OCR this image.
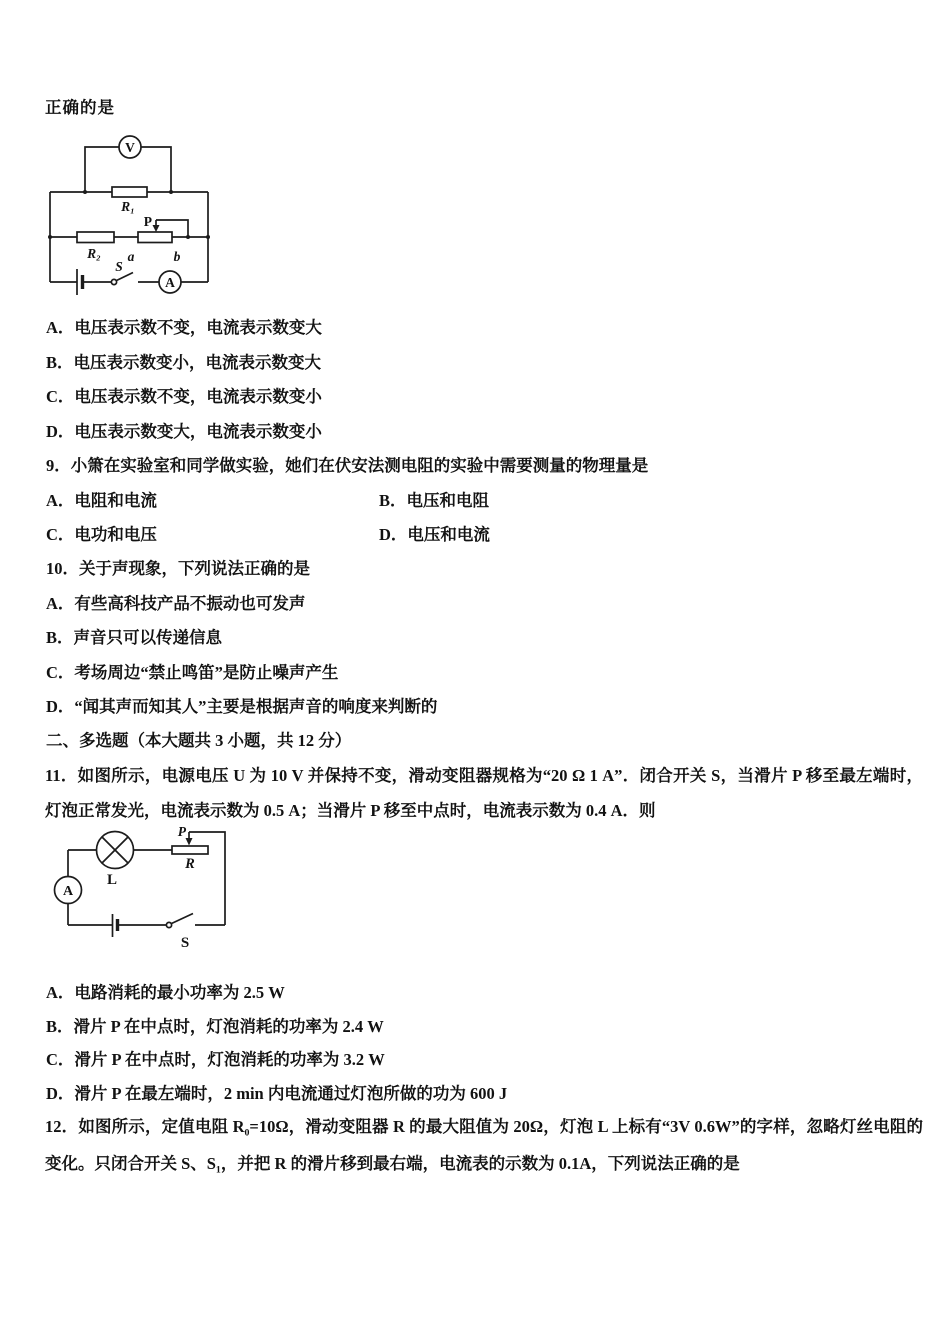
正确的是

V
A
R₁
R₂
P
a	b
S
A．电压表示数不变，电流表示数变大
B．电压表示数变小，电流表示数变大
C．电压表示数不变，电流表示数变小
D．电压表示数变大，电流表示数变小

9．小箫在实验室和同学做实验，她们在伏安法测电阻的实验中需要测量的物理量是

A．电阻和电流	B．电压和电阻
C．电功和电压	D．电压和电流

10．关于声现象，下列说法正确的是

A．有些高科技产品不振动也可发声
B．声音只可以传递信息
C．考场周边“禁止鸣笛”是防止噪声产生
D．“闻其声而知其人”主要是根据声音的响度来判断的

二、多选题（本大题共 3 小题，共 12 分）

11．如图所示，电源电压 U 为 10 V 并保持不变，滑动变阻器规格为“20 Ω 1 A”．闭合开关 S，当滑片 P 移至最左端时，灯泡正常发光，电流表示数为 0.5 A；当滑片 P 移至中点时，电流表示数为 0.4 A．则

A
P
R
L
S
A．电路消耗的最小功率为 2.5 W
B．滑片 P 在中点时，灯泡消耗的功率为 2.4 W
C．滑片 P 在中点时，灯泡消耗的功率为 3.2 W
D．滑片 P 在最左端时，2 min 内电流通过灯泡所做的功为 600 J

12．如图所示，定值电阻 R₀=10Ω，滑动变阻器 R 的最大阻值为 20Ω，灯泡 L 上标有“3V 0.6W”的字样，忽略灯丝电阻的变化。只闭合开关 S、S₁，并把 R 的滑片移到最右端，电流表的示数为 0.1A，下列说法正确的是
